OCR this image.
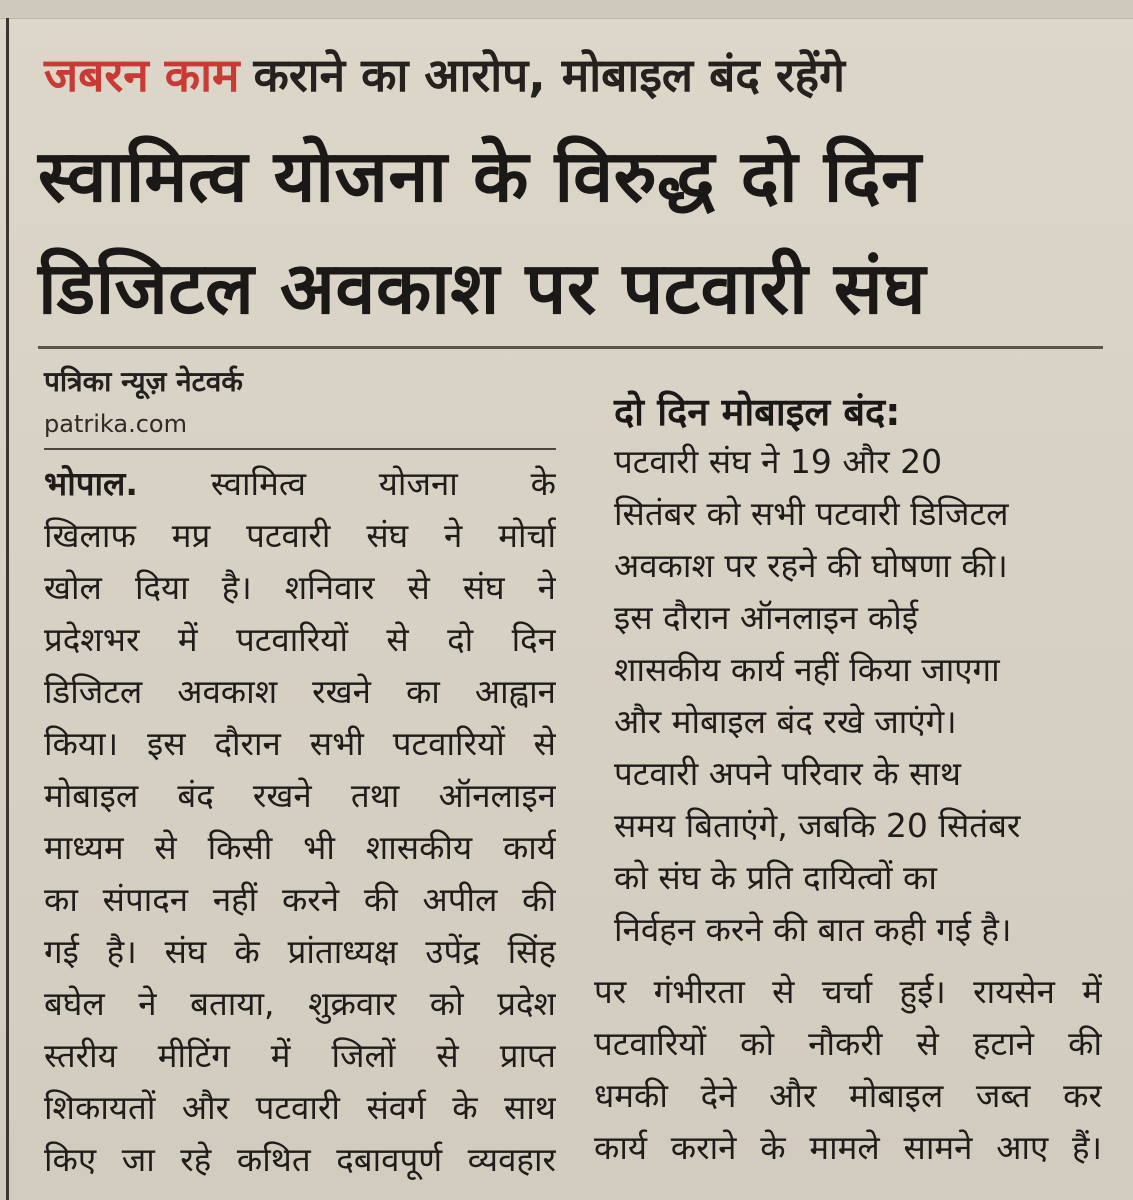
जबरन काम कराने का आरोप, मोबाइल बंद रहेंगे
स्वामित्व योजना के विरुद्ध दो दिन
डिजिटल अवकाश पर पटवारी संघ
पत्रिका न्यूज़ नेटवर्क
patrika.com
भोपाल. स्वामित्व योजना के
खिलाफ मप्र पटवारी संघ ने मोर्चा
खोल दिया है। शनिवार से संघ ने
प्रदेशभर में पटवारियों से दो दिन
डिजिटल अवकाश रखने का आह्वान
किया। इस दौरान सभी पटवारियों से
मोबाइल बंद रखने तथा ऑनलाइन
माध्यम से किसी भी शासकीय कार्य
का संपादन नहीं करने की अपील की
गई है। संघ के प्रांताध्यक्ष उपेंद्र सिंह
बघेल ने बताया, शुक्रवार को प्रदेश
स्तरीय मीटिंग में जिलों से प्राप्त
शिकायतों और पटवारी संवर्ग के साथ
किए जा रहे कथित दबावपूर्ण व्यवहार
दो दिन मोबाइल बंद:
पटवारी संघ ने 19 और 20
सितंबर को सभी पटवारी डिजिटल
अवकाश पर रहने की घोषणा की।
इस दौरान ऑनलाइन कोई
शासकीय कार्य नहीं किया जाएगा
और मोबाइल बंद रखे जाएंगे।
पटवारी अपने परिवार के साथ
समय बिताएंगे, जबकि 20 सितंबर
को संघ के प्रति दायित्वों का
निर्वहन करने की बात कही गई है।
पर गंभीरता से चर्चा हुई। रायसेन में
पटवारियों को नौकरी से हटाने की
धमकी देने और मोबाइल जब्त कर
कार्य कराने के मामले सामने आए हैं।
